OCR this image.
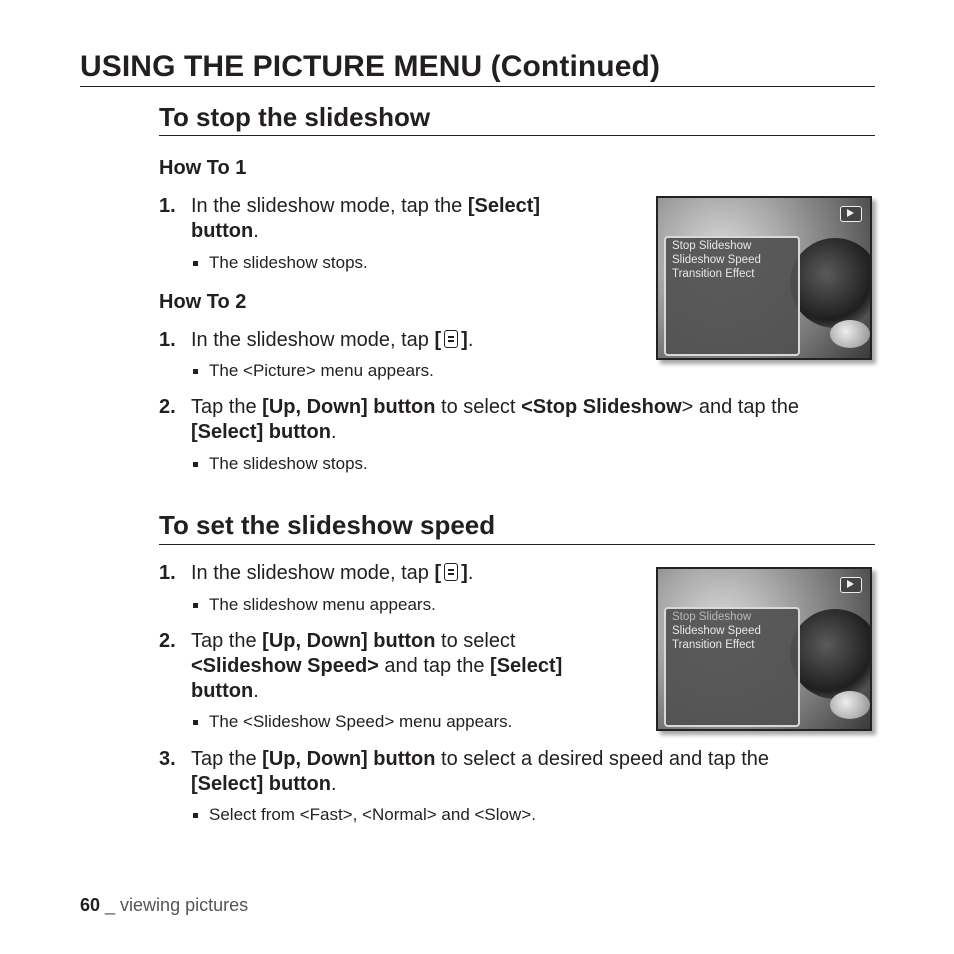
USING THE PICTURE MENU (Continued)
To stop the slideshow
How To 1
1. In the slideshow mode, tap the [Select]
button.
The slideshow stops.
How To 2
1. In the slideshow mode, tap [ ].
The <Picture> menu appears.
2. Tap the [Up, Down] button to select <Stop Slideshow> and tap the
[Select] button.
The slideshow stops.
Stop Slideshow
Slideshow Speed
Transition Effect
To set the slideshow speed
1. In the slideshow mode, tap [ ].
The slideshow menu appears.
2. Tap the [Up, Down] button to select
<Slideshow Speed> and tap the [Select]
button.
The <Slideshow Speed> menu appears.
3. Tap the [Up, Down] button to select a desired speed and tap the
[Select] button.
Select from <Fast>, <Normal> and <Slow>.
Stop Slideshow
Slideshow Speed
Transition Effect
60 _ viewing pictures
